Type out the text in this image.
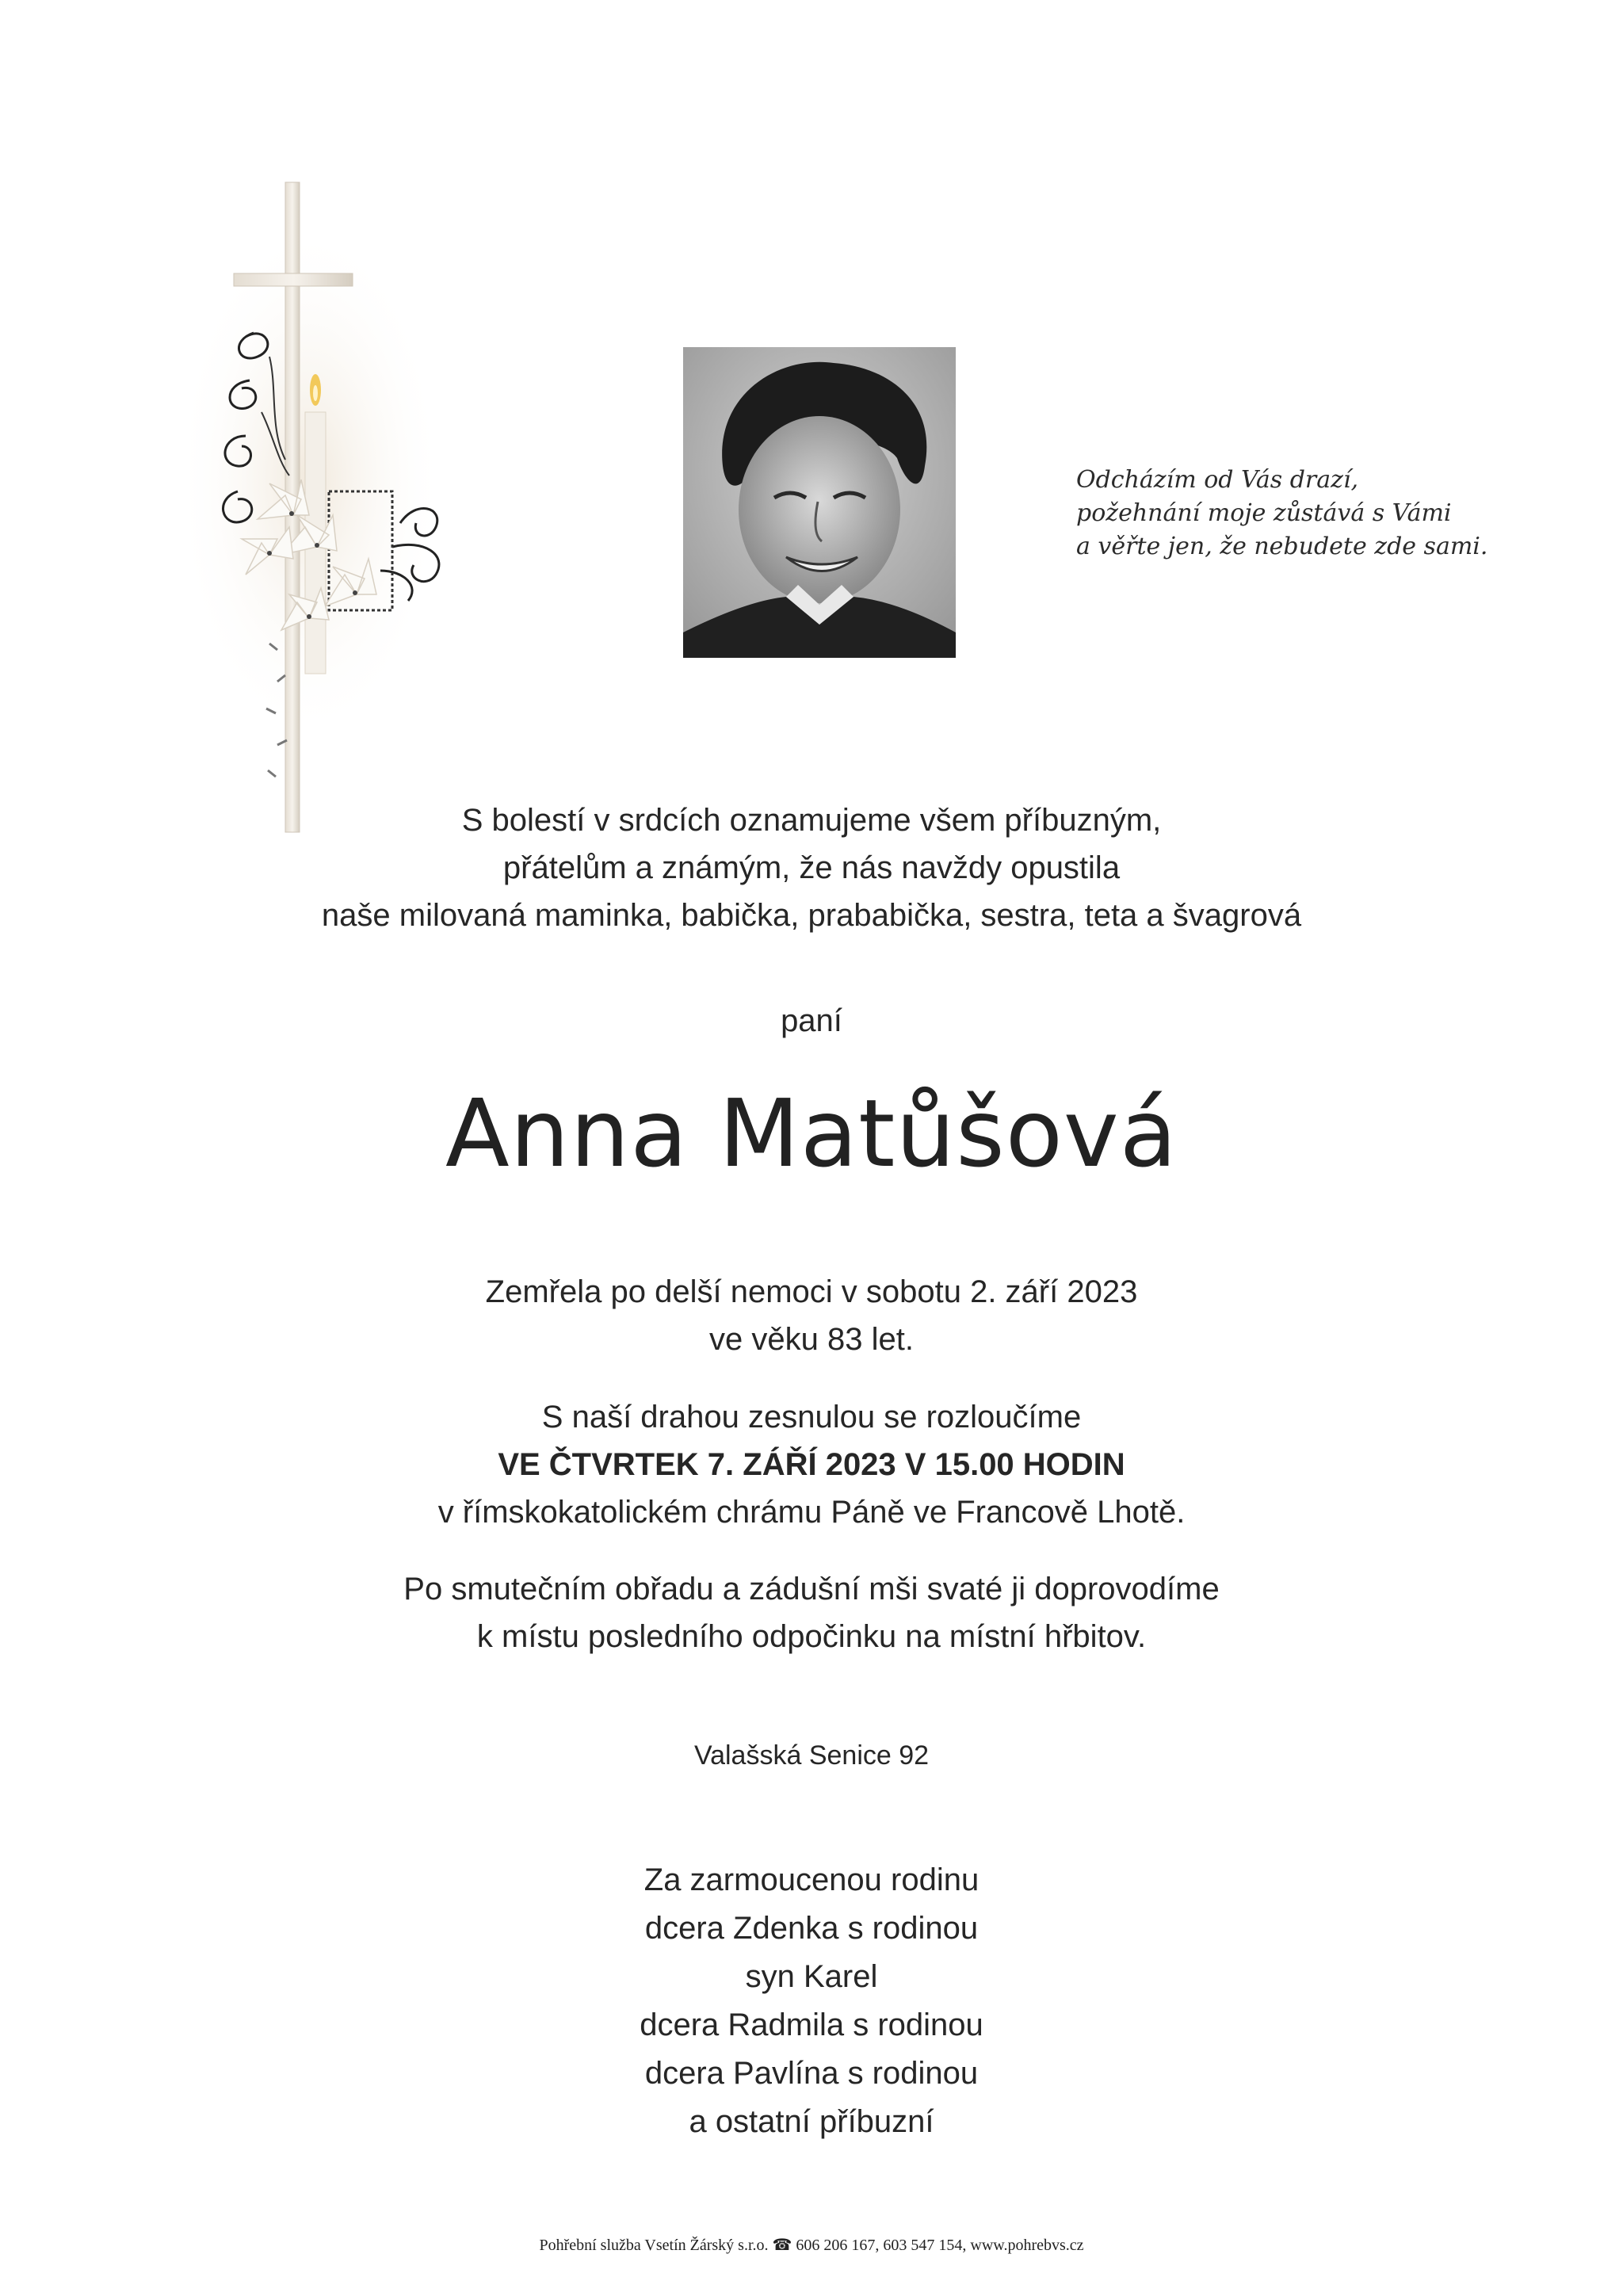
Odcházím od Vás drazí,
požehnání moje zůstává s Vámi
a věřte jen, že nebudete zde sami.
S bolestí v srdcích oznamujeme všem příbuzným,
přátelům a známým, že nás navždy opustila
naše milovaná maminka, babička, prababička, sestra, teta a švagrová
paní
Anna Matůšová
Zemřela po delší nemoci v sobotu 2. září 2023
ve věku 83 let.
S naší drahou zesnulou se rozloučíme
VE ČTVRTEK 7. ZÁŘÍ 2023 V 15.00 HODIN
v římskokatolickém chrámu Páně ve Francově Lhotě.
Po smutečním obřadu a zádušní mši svaté ji doprovodíme
k místu posledního odpočinku na místní hřbitov.
Valašská Senice 92
Za zarmoucenou rodinu
dcera Zdenka s rodinou
syn Karel
dcera Radmila s rodinou
dcera Pavlína s rodinou
a ostatní příbuzní
Pohřební služba Vsetín Žárský s.r.o. ☎ 606 206 167, 603 547 154, www.pohrebvs.cz
